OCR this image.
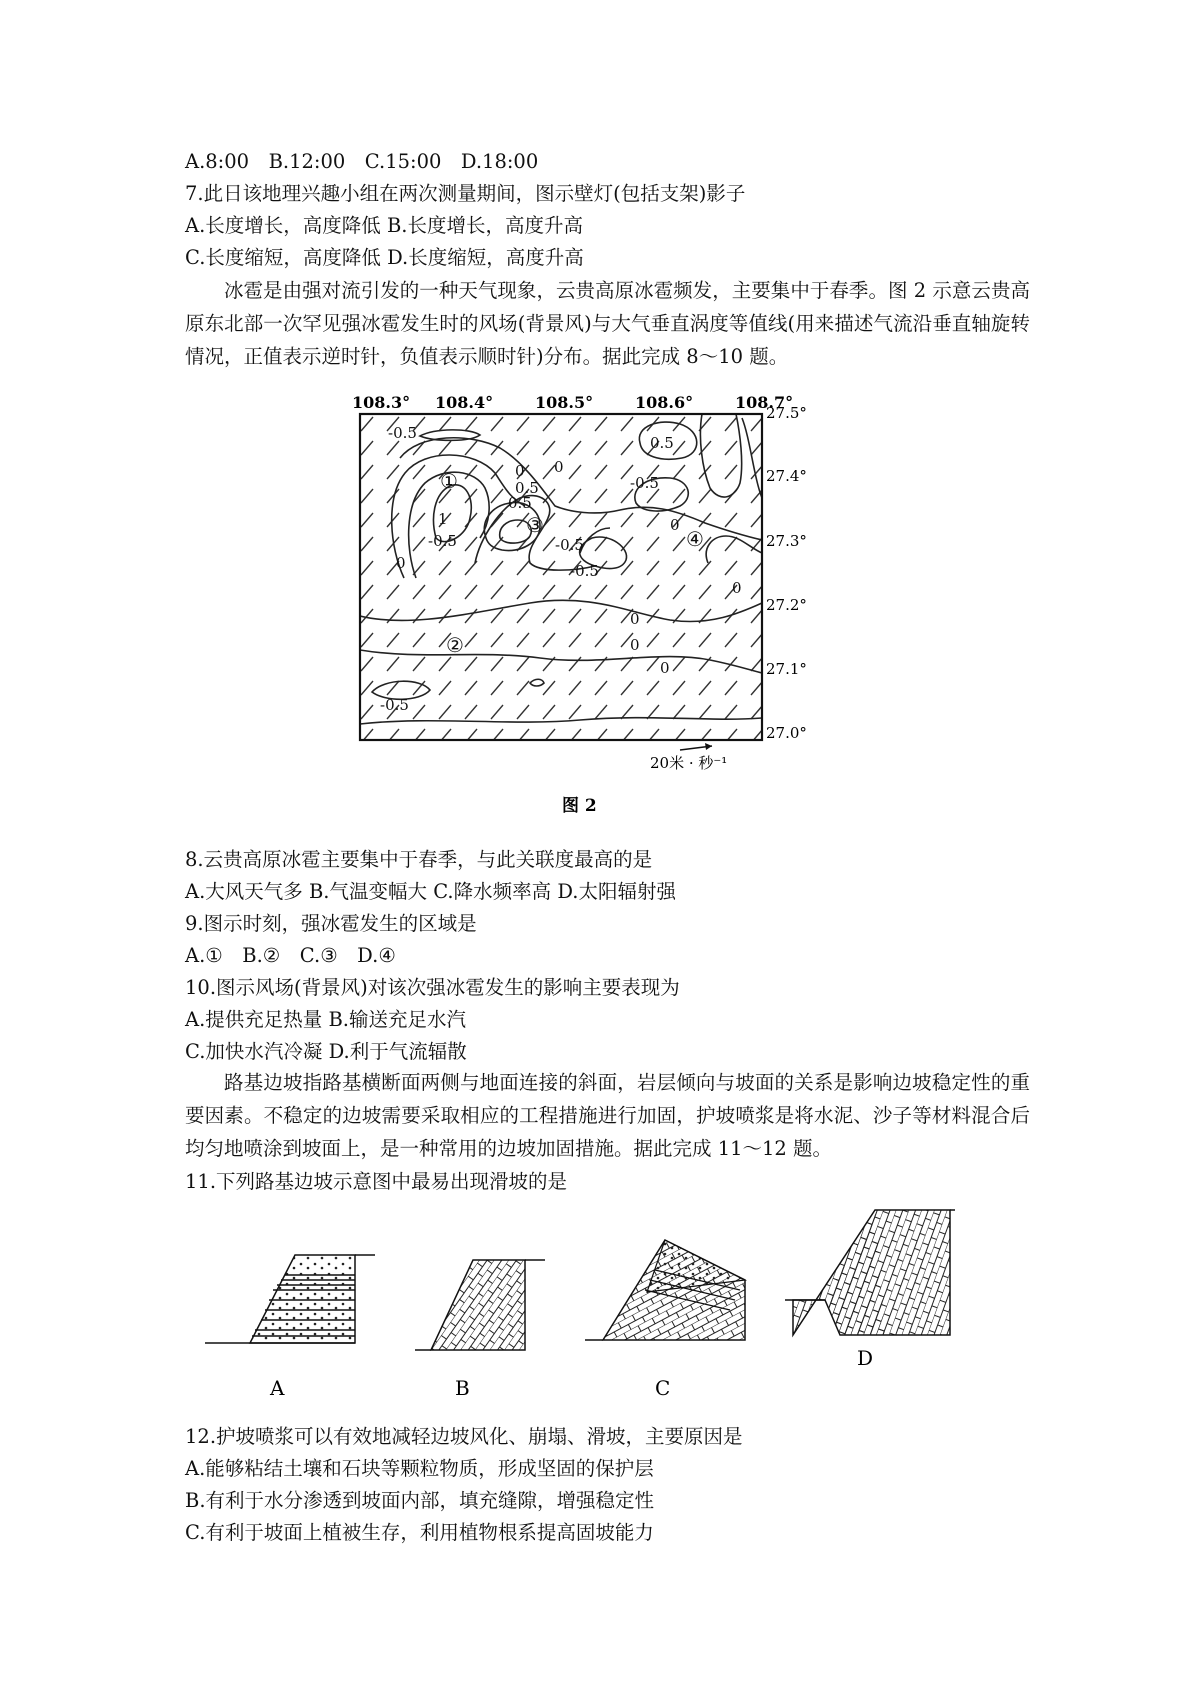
A.8:00　B.12:00　C.15:00　D.18:00
7.此日该地理兴趣小组在两次测量期间，图示壁灯(包括支架)影子
A.长度增长，高度降低 B.长度增长，高度升高
C.长度缩短，高度降低 D.长度缩短，高度升高
冰雹是由强对流引发的一种天气现象，云贵高原冰雹频发，主要集中于春季。图 2 示意云贵高原东北部一次罕见强冰雹发生时的风场(背景风)与大气垂直涡度等值线(用来描述气流沿垂直轴旋转情况，正值表示逆时针，负值表示顺时针)分布。据此完成 8～10 题。
108.3° 108.4°	108.5°	108.6°	108.7°
27.5°
27.4°
27.3°
27.2°
27.1°
27.0°
-0.5
0.5
0
1
0.5
0.5
-0.5
0
-0.5
0
-0.5
0
0
0
0
0
-0.5
-0.5
①
②
③
④
20米 · 秒⁻¹
图 2
8.云贵高原冰雹主要集中于春季，与此关联度最高的是
A.大风天气多 B.气温变幅大 C.降水频率高 D.太阳辐射强
9.图示时刻，强冰雹发生的区域是
A.①　B.②　C.③　D.④
10.图示风场(背景风)对该次强冰雹发生的影响主要表现为
A.提供充足热量 B.输送充足水汽
C.加快水汽冷凝 D.利于气流辐散
路基边坡指路基横断面两侧与地面连接的斜面，岩层倾向与坡面的关系是影响边坡稳定性的重要因素。不稳定的边坡需要采取相应的工程措施进行加固，护坡喷浆是将水泥、沙子等材料混合后均匀地喷涂到坡面上，是一种常用的边坡加固措施。据此完成 11～12 题。
11.下列路基边坡示意图中最易出现滑坡的是
A	B	C
D
12.护坡喷浆可以有效地减轻边坡风化、崩塌、滑坡，主要原因是
A.能够粘结土壤和石块等颗粒物质，形成坚固的保护层
B.有利于水分渗透到坡面内部，填充缝隙，增强稳定性
C.有利于坡面上植被生存，利用植物根系提高固坡能力
